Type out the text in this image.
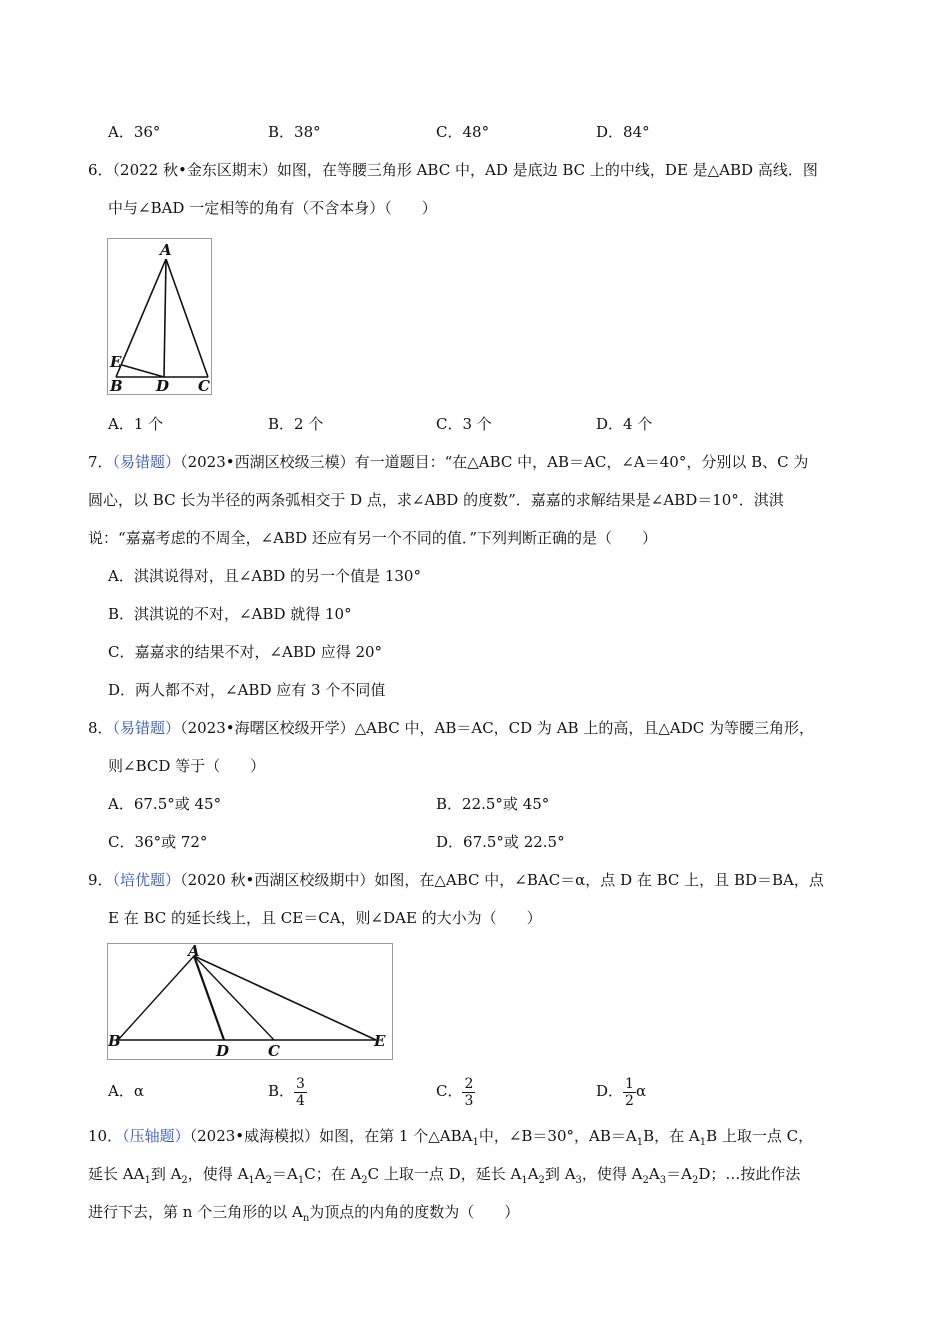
A．36°	B．38°	C．48°	D．84°
6．（2022 秋•金东区期末）如图，在等腰三角形 ABC 中，AD 是底边 BC 上的中线，DE 是△ABD 高线．图
中与∠BAD 一定相等的角有（不含本身）（　　）
A
E
B D C
A．1 个	B．2 个	C．3 个	D．4 个
7．（易错题）（2023•西湖区校级三模）有一道题目：“在△ABC 中，AB＝AC，∠A＝40°，分别以 B、C 为
圆心，以 BC 长为半径的两条弧相交于 D 点，求∠ABD 的度数”．嘉嘉的求解结果是∠ABD＝10°．淇淇
说：“嘉嘉考虑的不周全，∠ABD 还应有另一个不同的值．”下列判断正确的是（　　）
A．淇淇说得对，且∠ABD 的另一个值是 130°
B．淇淇说的不对，∠ABD 就得 10°
C．嘉嘉求的结果不对，∠ABD 应得 20°
D．两人都不对，∠ABD 应有 3 个不同值
8．（易错题）（2023•海曙区校级开学）△ABC 中，AB＝AC，CD 为 AB 上的高，且△ADC 为等腰三角形，
则∠BCD 等于（　　）
A．67.5°或 45°	B．22.5°或 45°
C．36°或 72°	D．67.5°或 22.5°
9．（培优题）（2020 秋•西湖区校级期中）如图，在△ABC 中，∠BAC＝α，点 D 在 BC 上，且 BD＝BA，点
E 在 BC 的延长线上，且 CE＝CA，则∠DAE 的大小为（　　）
A
B
D	C
E
A．α	B． $\frac{3}{4}$	C． $\frac{2}{3}$	D． $\frac{1}{2}$ α
10．（压轴题）（2023•威海模拟）如图，在第 1 个$\triangle ABA_1$中，∠B＝30°，$AB=A_1B$，在 $A_1B$ 上取一点 C，
延长 $AA_1$到 $A_2$，使得 $A_1A_2=A_1C$；在 $A_2C$ 上取一点 D，延长 $A_1A_2$到 $A_3$，使得 $A_2A_3=A_2D$；…按此作法
进行下去，第 n 个三角形的以 $A_n$为顶点的内角的度数为（　　）
